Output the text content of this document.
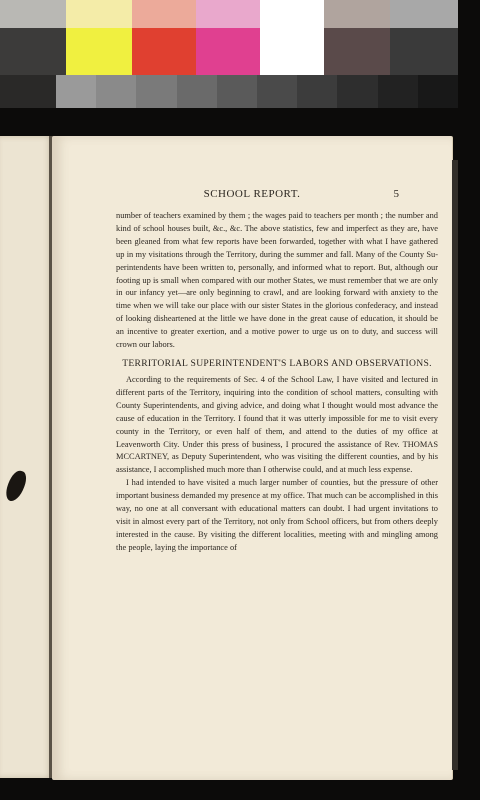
SCHOOL REPORT.	5

number of teachers examined by them ; the wages paid to teachers per month ; the number and kind of school houses built, &c., &c. The above statistics, few and imperfect as they are, have been gleaned from what few reports have been forwarded, together with what I have gathered up in my visitations through the Territory, during the summer and fall. Many of the County Superintendents have been written to, personally, and informed what to report. But, although our footing up is small when compared with our mother States, we must remember that we are only in our infancy yet—are only beginning to crawl, and are looking forward with anxiety to the time when we will take our place with our sister States in the glorious confederacy, and instead of looking disheartened at the little we have done in the great cause of education, it should be an incentive to greater exertion, and a motive power to urge us on to duty, and success will crown our labors.

TERRITORIAL SUPERINTENDENT'S LABORS AND OBSERVATIONS.

According to the requirements of Sec. 4 of the School Law, I have visited and lectured in different parts of the Territory, inquiring into the condition of school matters, consulting with County Superintendents, and giving advice, and doing what I thought would most advance the cause of education in the Territory. I found that it was utterly impossible for me to visit every county in the Territory, or even half of them, and attend to the duties of my office at Leavenworth City. Under this press of business, I procured the assistance of Rev. THOMAS MCCARTNEY, as Deputy Superintendent, who was visiting the different counties, and by his assistance, I accomplished much more than I otherwise could, and at much less expense.

I had intended to have visited a much larger number of counties, but the pressure of other important business demanded my presence at my office. That much can be accomplished in this way, no one at all conversant with educational matters can doubt. I had urgent invitations to visit in almost every part of the Territory, not only from School officers, but from others deeply interested in the cause. By visiting the different localities, meeting with and mingling among the people, laying the importance of
